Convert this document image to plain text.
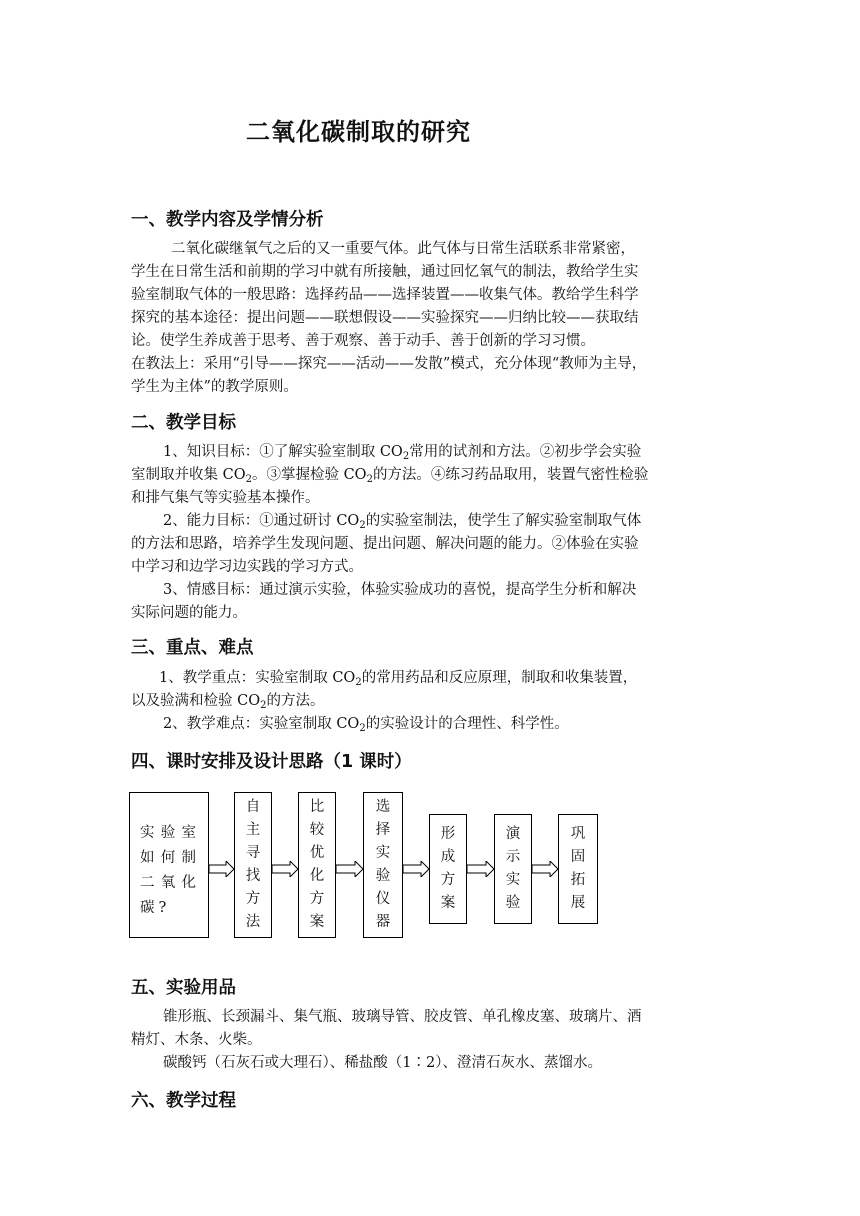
二氧化碳制取的研究
一、教学内容及学情分析
二氧化碳继氧气之后的又一重要气体。此气体与日常生活联系非常紧密，
学生在日常生活和前期的学习中就有所接触，通过回忆氧气的制法，教给学生实
验室制取气体的一般思路：选择药品——选择装置——收集气体。教给学生科学
探究的基本途径：提出问题——联想假设——实验探究——归纳比较——获取结
论。使学生养成善于思考、善于观察、善于动手、善于创新的学习习惯。
在教法上：采用“引导——探究——活动——发散”模式，充分体现“教师为主导，
学生为主体”的教学原则。
二、教学目标
1、知识目标：①了解实验室制取 $CO_2$常用的试剂和方法。②初步学会实验
室制取并收集 $CO_2$。③掌握检验 $CO_2$的方法。④练习药品取用，装置气密性检验
和排气集气等实验基本操作。
2、能力目标：①通过研讨 $CO_2$的实验室制法，使学生了解实验室制取气体
的方法和思路，培养学生发现问题、提出问题、解决问题的能力。②体验在实验
中学习和边学习边实践的学习方式。
3、情感目标：通过演示实验，体验实验成功的喜悦，提高学生分析和解决
实际问题的能力。
三、重点、难点
1、教学重点：实验室制取 $CO_2$的常用药品和反应原理，制取和收集装置，
以及验满和检验 $CO_2$的方法。
2、教学难点：实验室制取 $CO_2$的实验设计的合理性、科学性。
四、课时安排及设计思路（1 课时）
实验室如何制二氧化碳?
自
主
寻
找
方
法
比
较
优
化
方
案
选
择
实
验
仪
器
形
成
方
案
演
示
实
验
巩
固
拓
展
五、实验用品
锥形瓶、长颈漏斗、集气瓶、玻璃导管、胶皮管、单孔橡皮塞、玻璃片、酒
精灯、木条、火柴。
碳酸钙（石灰石或大理石）、稀盐酸（1∶2）、澄清石灰水、蒸馏水。
六、教学过程
